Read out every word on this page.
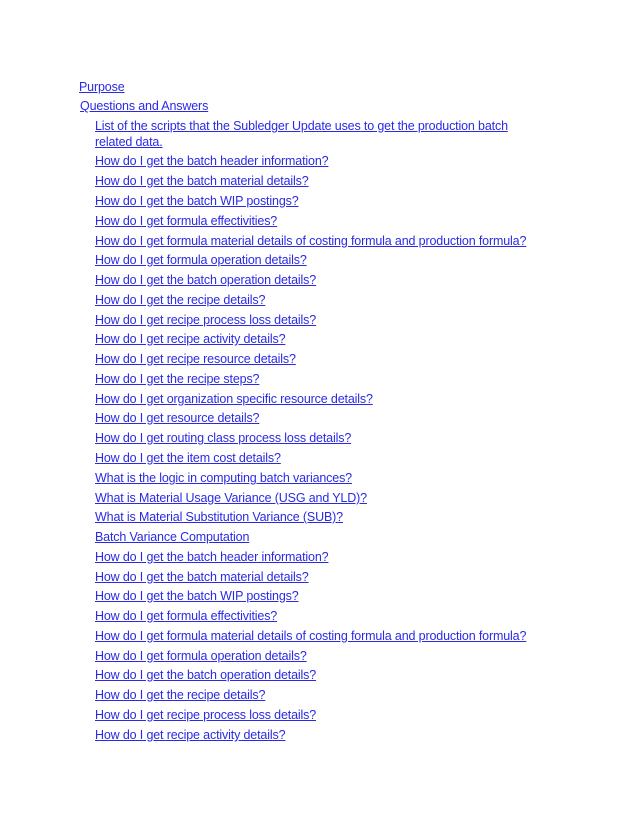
Purpose
Questions and Answers
List of the scripts that the Subledger Update uses to get the production batch related data.
How do I get the batch header information?
How do I get the batch material details?
How do I get the batch WIP postings?
How do I get formula effectivities?
How do I get formula material details of costing formula and production formula?
How do I get formula operation details?
How do I get the batch operation details?
How do I get the recipe details?
How do I get recipe process loss details?
How do I get recipe activity details?
How do I get recipe resource details?
How do I get the recipe steps?
How do I get organization specific resource details?
How do I get resource details?
How do I get routing class process loss details?
How do I get the item cost details?
What is the logic in computing batch variances?
What is Material Usage Variance (USG and YLD)?
What is Material Substitution Variance (SUB)?
Batch Variance Computation
How do I get the batch header information?
How do I get the batch material details?
How do I get the batch WIP postings?
How do I get formula effectivities?
How do I get formula material details of costing formula and production formula?
How do I get formula operation details?
How do I get the batch operation details?
How do I get the recipe details?
How do I get recipe process loss details?
How do I get recipe activity details?
